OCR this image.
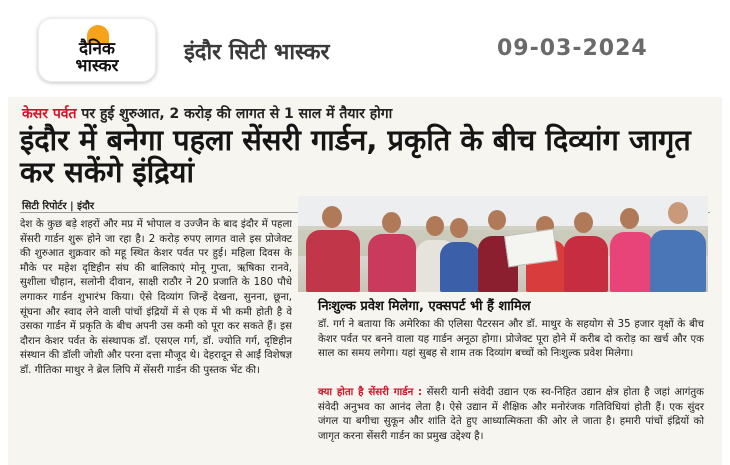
दैनिक
भास्कर
इंदौर सिटी भास्कर	09-03-2024
केसर पर्वत पर हुई शुरुआत, 2 करोड़ की लागत से 1 साल में तैयार होगा
इंदौर में बनेगा पहला सेंसरी गार्डन, प्रकृति के बीच दिव्यांग जागृत कर सकेंगे इंद्रियां
सिटी रिपोर्टर | इंदौर
देश के कुछ बड़े शहरों और मप्र में भोपाल व उज्जैन के बाद इंदौर में पहला सेंसरी गार्डन शुरू होने जा रहा है। 2 करोड़ रुपए लागत वाले इस प्रोजेक्ट की शुरुआत शुक्रवार को महू स्थित केशर पर्वत पर हुई। महिला दिवस के मौके पर महेश दृष्टिहीन संघ की बालिकाएं मोनू गुप्ता, ऋषिका रानवे, सुशीला चौहान, सलोनी दीवान, साक्षी राठौर ने 20 प्रजाति के 180 पौधे लगाकर गार्डन शुभारंभ किया। ऐसे दिव्यांग जिन्हें देखना, सुनना, छूना, सूंघना और स्वाद लेने वाली पांचों इंद्रियों में से एक में भी कमी होती है वे उसका गार्डन में प्रकृति के बीच अपनी उस कमी को पूरा कर सकते हैं। इस दौरान केशर पर्वत के संस्थापक डॉ. एसएल गर्ग, डॉ. ज्योति गर्ग, दृष्टिहीन संस्थान की डॉली जोशी और परना दत्ता मौजूद थे। देहरादून से आईं विशेषज्ञ डॉ. गीतिका माथुर ने ब्रेल लिपि में सेंसरी गार्डन की पुस्तक भेंट की।
निःशुल्क प्रवेश मिलेगा, एक्सपर्ट भी हैं शामिल
डॉ. गर्ग ने बताया कि अमेरिका की एलिसा पैटरसन और डॉ. माथुर के सहयोग से 35 हजार वृक्षों के बीच केशर पर्वत पर बनने वाला यह गार्डन अनूठा होगा। प्रोजेक्ट पूरा होने में करीब दो करोड़ का खर्च और एक साल का समय लगेगा। यहां सुबह से शाम तक दिव्यांग बच्चों को निःशुल्क प्रवेश मिलेगा।
क्या होता है सेंसरी गार्डन : सेंसरी यानी संवेदी उद्यान एक स्व-निहित उद्यान क्षेत्र होता है जहां आगंतुक संवेदी अनुभव का आनंद लेता है। ऐसे उद्यान में शैक्षिक और मनोरंजक गतिविधियां होती हैं। एक सुंदर जंगल या बगीचा सुकून और शांति देते हुए आध्यात्मिकता की ओर ले जाता है। हमारी पांचों इंद्रियों को जागृत करना सेंसरी गार्डन का प्रमुख उद्देश्य है।
